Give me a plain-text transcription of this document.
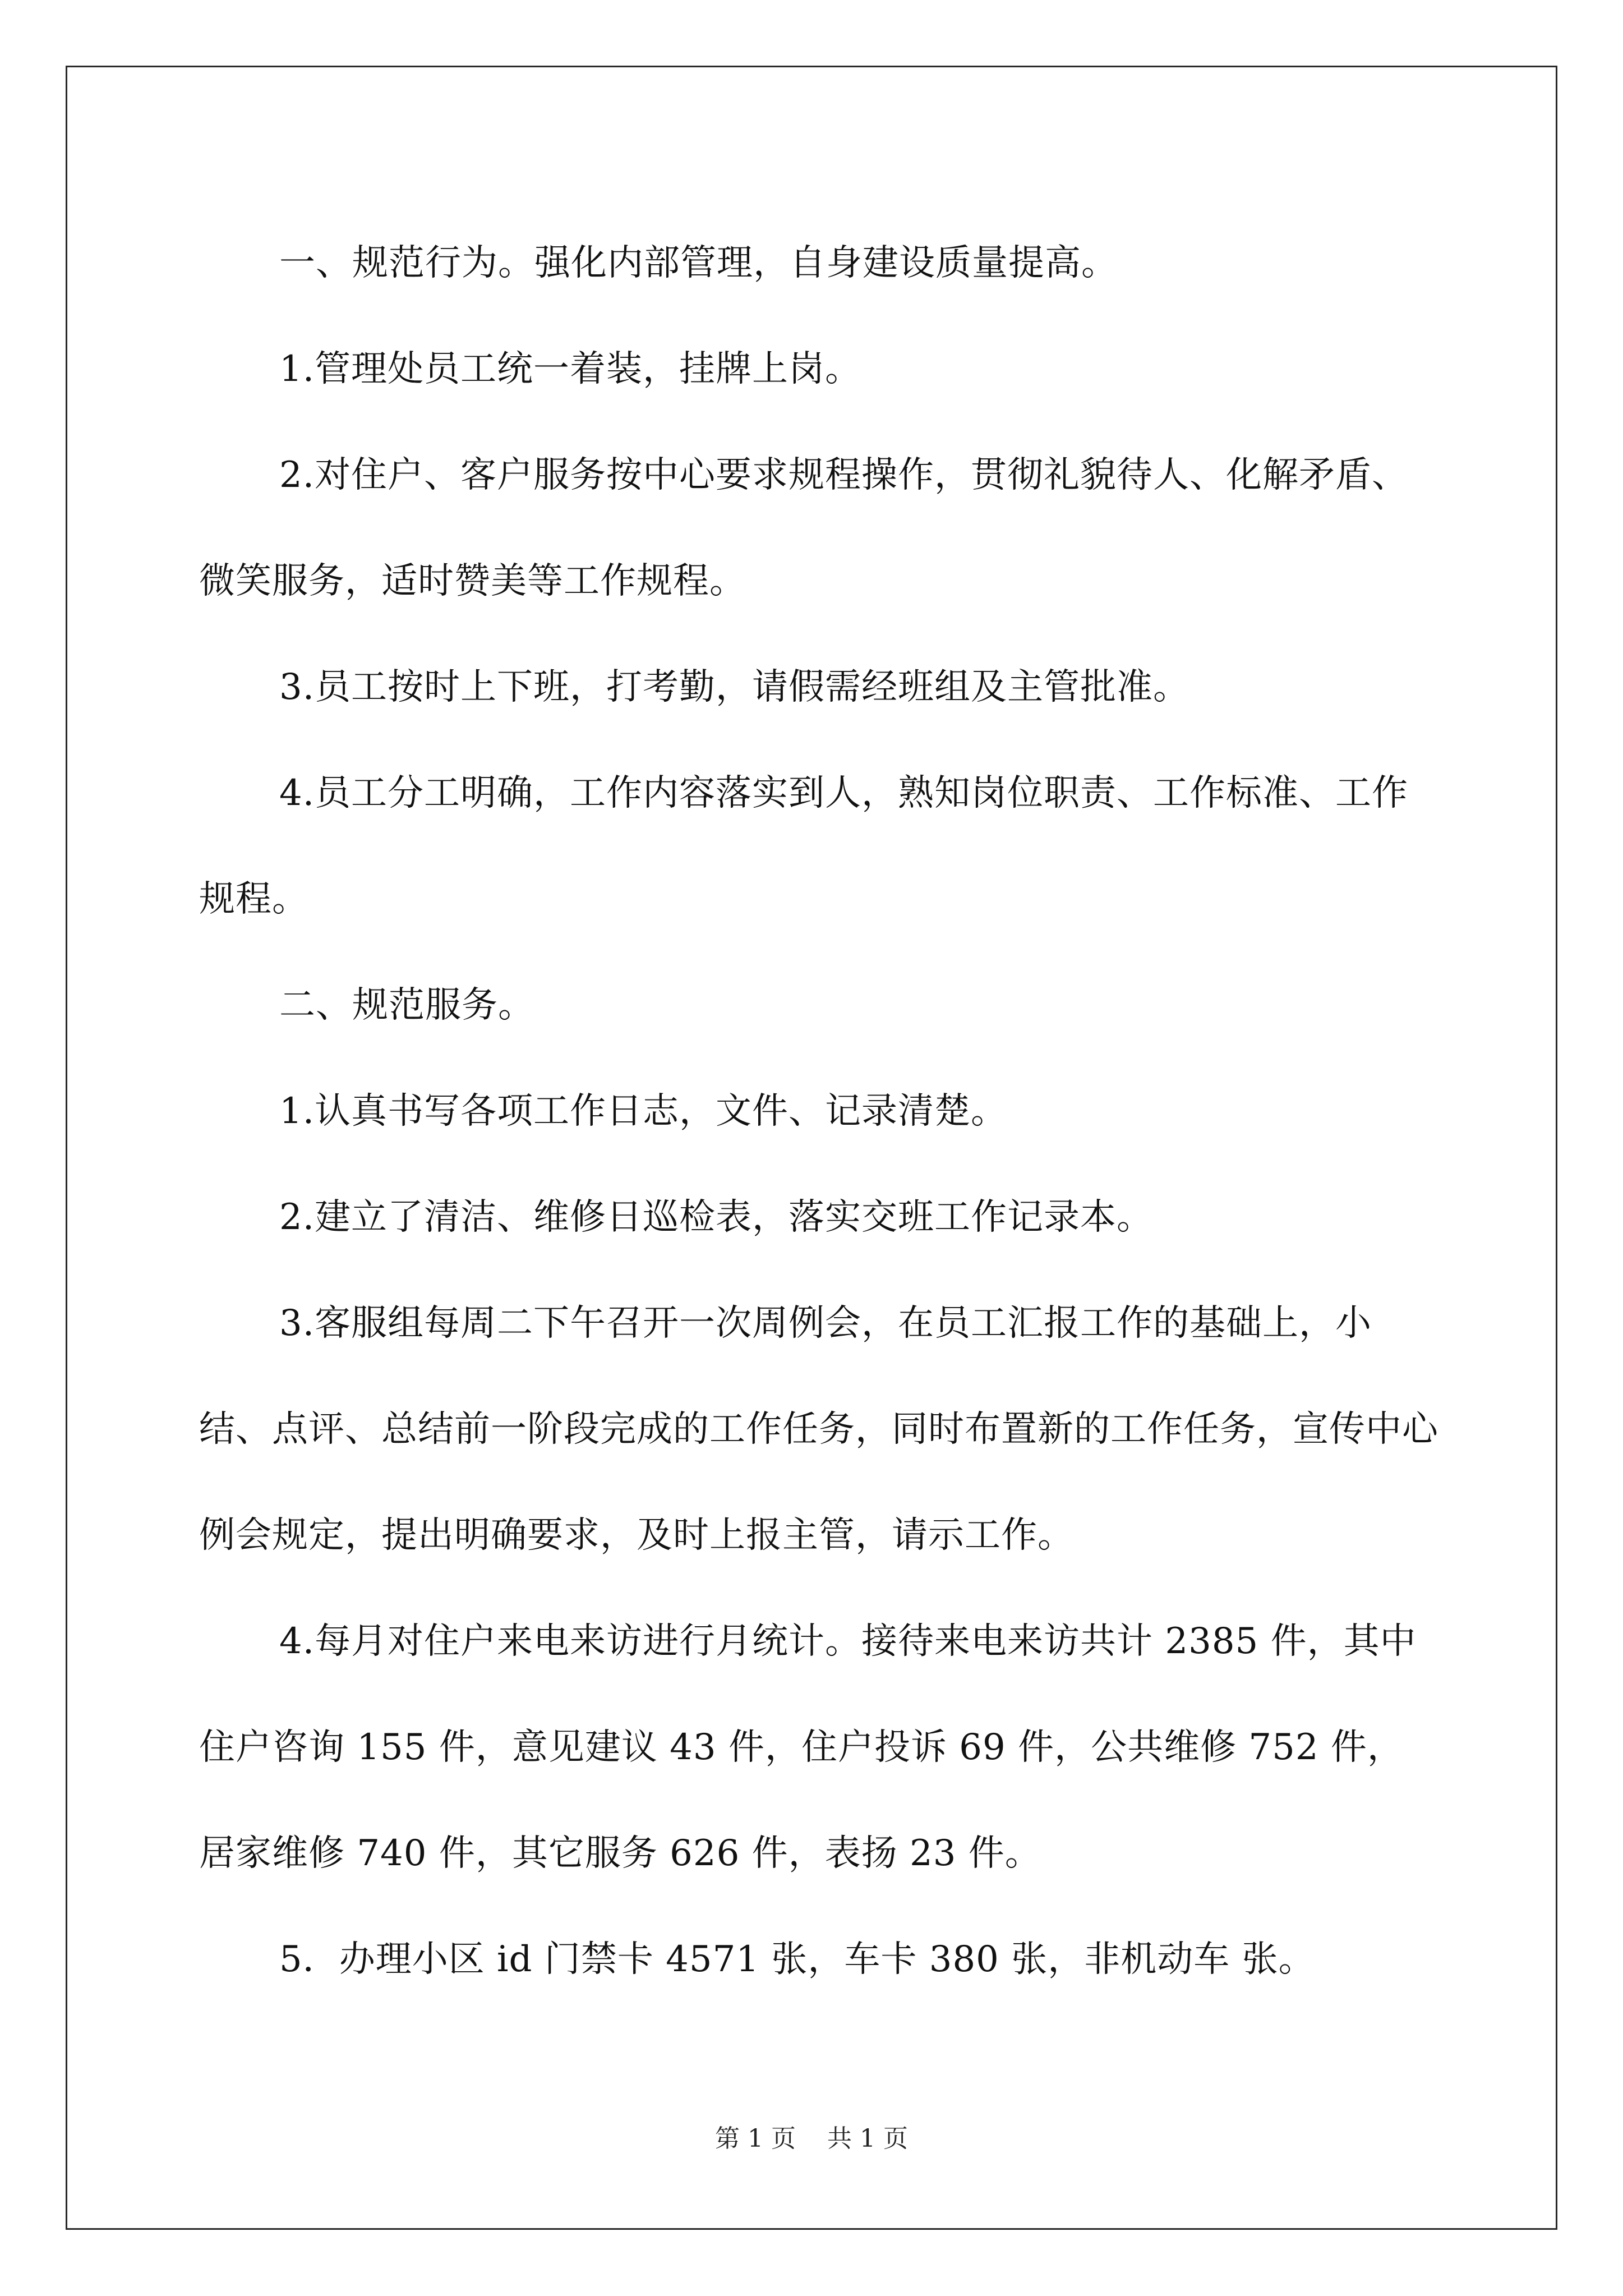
一、规范行为。强化内部管理，自身建设质量提高。

1.管理处员工统一着装，挂牌上岗。

2.对住户、客户服务按中心要求规程操作，贯彻礼貌待人、化解矛盾、微笑服务，适时赞美等工作规程。

3.员工按时上下班，打考勤，请假需经班组及主管批准。

4.员工分工明确，工作内容落实到人，熟知岗位职责、工作标准、工作规程。

二、规范服务。

1.认真书写各项工作日志，文件、记录清楚。

2.建立了清洁、维修日巡检表，落实交班工作记录本。

3.客服组每周二下午召开一次周例会，在员工汇报工作的基础上，小结、点评、总结前一阶段完成的工作任务，同时布置新的工作任务，宣传中心例会规定，提出明确要求，及时上报主管，请示工作。

4.每月对住户来电来访进行月统计。接待来电来访共计 2385 件，其中住户咨询 155 件，意见建议 43 件，住户投诉 69 件，公共维修 752 件，居家维修 740 件，其它服务 626 件，表扬 23 件。

5．办理小区 id 门禁卡 4571 张，车卡 380 张，非机动车 张。

第 1 页 共 1 页
